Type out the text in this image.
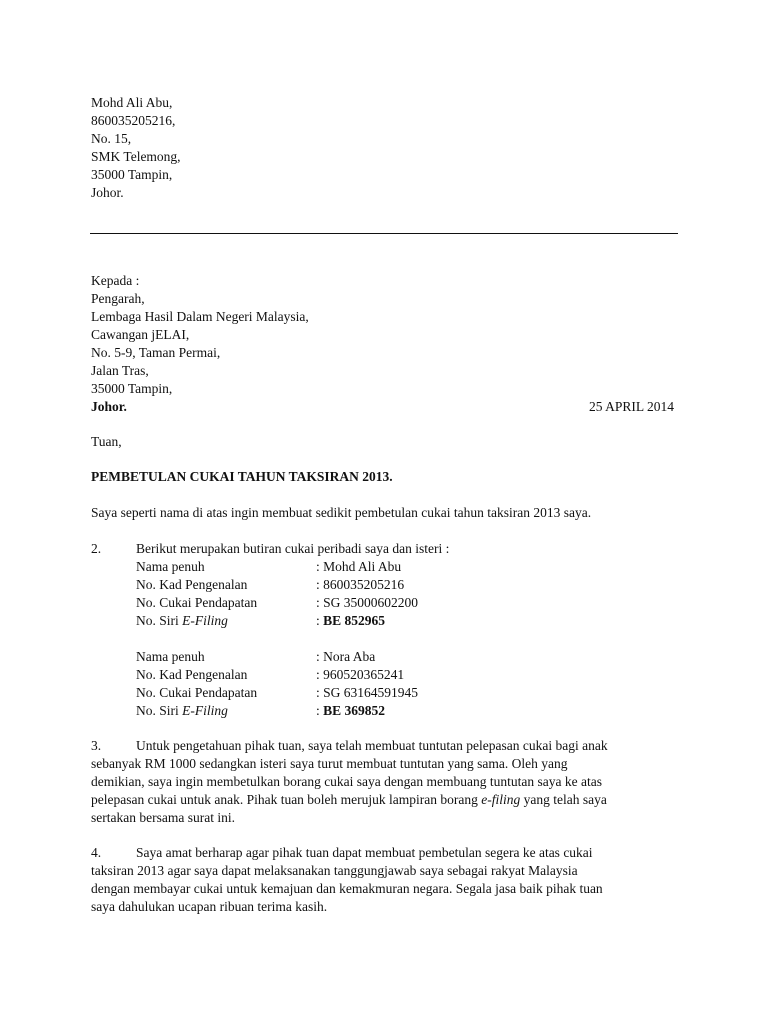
Mohd Ali Abu,
860035205216,
No. 15,
SMK Telemong,
35000 Tampin,
Johor.
Kepada :
Pengarah,
Lembaga Hasil Dalam Negeri Malaysia,
Cawangan jELAI,
No. 5-9, Taman Permai,
Jalan Tras,
35000 Tampin,
Johor.	25 APRIL 2014
Tuan,
PEMBETULAN CUKAI TAHUN TAKSIRAN 2013.
Saya seperti nama di atas ingin membuat sedikit pembetulan cukai tahun taksiran 2013 saya.
2.	Berikut merupakan butiran cukai peribadi saya dan isteri :
Nama penuh	: Mohd Ali Abu
No. Kad Pengenalan	: 860035205216
No. Cukai Pendapatan	: SG 35000602200
No. Siri E-Filing	: BE 852965
Nama penuh	: Nora Aba
No. Kad Pengenalan	: 960520365241
No. Cukai Pendapatan	: SG 63164591945
No. Siri E-Filing	: BE 369852
3.	Untuk pengetahuan pihak tuan, saya telah membuat tuntutan pelepasan cukai bagi anak
sebanyak RM 1000 sedangkan isteri saya turut membuat tuntutan yang sama. Oleh yang
demikian, saya ingin membetulkan borang cukai saya dengan membuang tuntutan saya ke atas
pelepasan cukai untuk anak. Pihak tuan boleh merujuk lampiran borang e-filing yang telah saya
sertakan bersama surat ini.
4.	Saya amat berharap agar pihak tuan dapat membuat pembetulan segera ke atas cukai
taksiran 2013 agar saya dapat melaksanakan tanggungjawab saya sebagai rakyat Malaysia
dengan membayar cukai untuk kemajuan dan kemakmuran negara. Segala jasa baik pihak tuan
saya dahulukan ucapan ribuan terima kasih.
